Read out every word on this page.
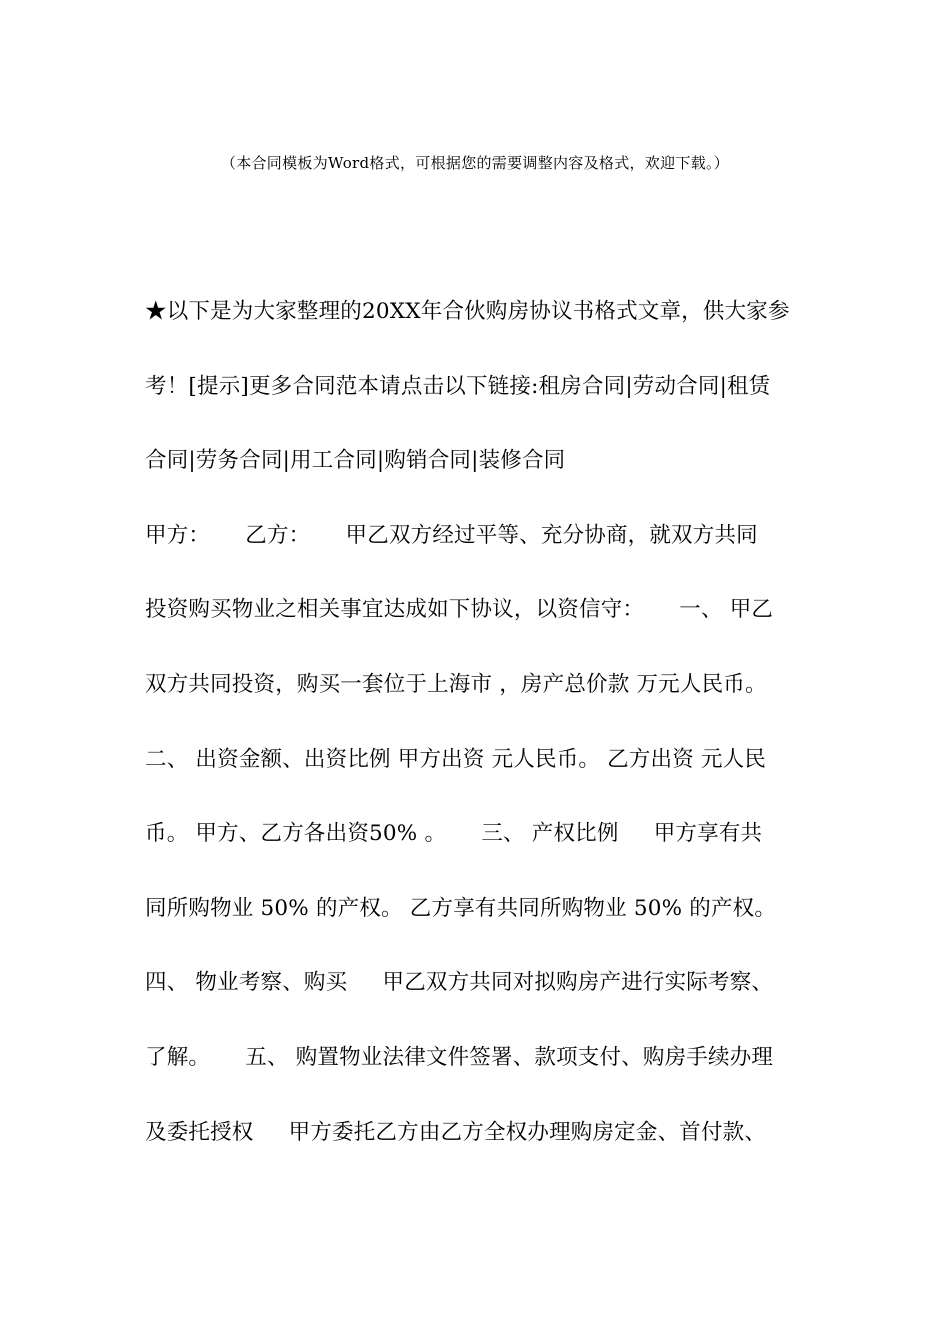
（本合同模板为Word格式，可根据您的需要调整内容及格式，欢迎下载。）
★以下是为大家整理的20XX年合伙购房协议书格式文章，供大家参
考！[提示]更多合同范本请点击以下链接:租房合同|劳动合同|租赁
合同|劳务合同|用工合同|购销合同|装修合同
甲方：     乙方：     甲乙双方经过平等、充分协商，就双方共同
投资购买物业之相关事宜达成如下协议，以资信守：     一、 甲乙
双方共同投资，购买一套位于上海市 ，房产总价款 万元人民币。
二、 出资金额、出资比例 甲方出资 元人民币。 乙方出资 元人民
币。 甲方、乙方各出资50% 。     三、 产权比例     甲方享有共
同所购物业 50% 的产权。 乙方享有共同所购物业 50% 的产权。
四、 物业考察、购买     甲乙双方共同对拟购房产进行实际考察、
了解。     五、 购置物业法律文件签署、款项支付、购房手续办理
及委托授权     甲方委托乙方由乙方全权办理购房定金、首付款、
